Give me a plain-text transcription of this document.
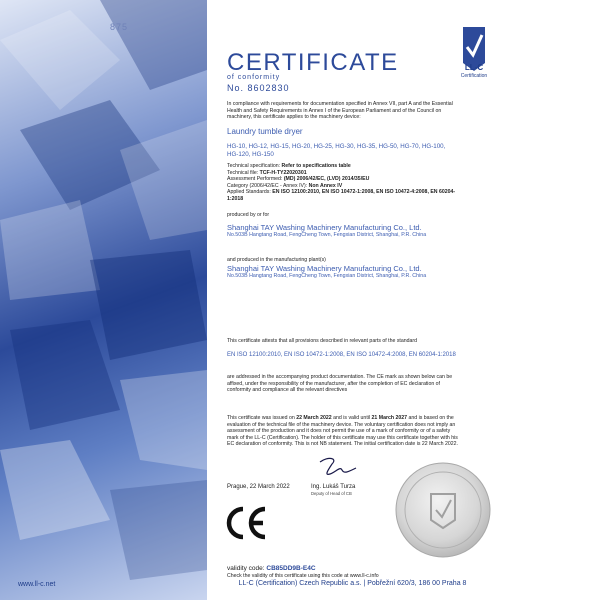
www.ll-c.net
875
LL-C
Certification
CERTIFICATE
of conformity
No. 8602830
In compliance with requirements for documentation specified in Annex VII, part A and the Essential Health and Safety Requirements in Annex I of the European Parliament and of the Council on machinery, this certificate applies to the machinery device:
Laundry tumble dryer
HG-10, HG-12, HG-15, HG-20, HG-25, HG-30, HG-35, HG-50, HG-70, HG-100, HG-120, HG-150
Technical specification: Refer to specifications table
Technical file: TCF-H-TY22020301
Assessment Performed: (MD) 2006/42/EC, (LVD) 2014/35/EU
Category (2006/42/EC - Annex IV): Non Annex IV
Applied Standards: EN ISO 12100:2010, EN ISO 10472-1:2008, EN ISO 10472-4:2008, EN 60204-1:2018
produced by or for
Shanghai TAY Washing Machinery Manufacturing Co., Ltd.
No.503B Hangtang Road, FengCheng Town, Fengxian District, Shanghai, P.R. China
and produced in the manufacturing plant(s)
Shanghai TAY Washing Machinery Manufacturing Co., Ltd.
No.503B Hangtang Road, FengCheng Town, Fengxian District, Shanghai, P.R. China
This certificate attests that all provisions described in relevant parts of the standard
EN ISO 12100:2010, EN ISO 10472-1:2008, EN ISO 10472-4:2008, EN 60204-1:2018
are addressed in the accompanying product documentation. The CE mark as shown below can be affixed, under the responsibility of the manufacturer, after the completion of EC declaration of conformity and compliance all the relevant directives
This certificate was issued on 22 March 2022 and is valid until 21 March 2027 and is based on the evaluation of the technical file of the machinery device. The voluntary certification does not imply an assessment of the production and it does not permit the use of a mark of conformity or of a safety mark of the LL-C (Certification). The holder of this certificate may use this certificate together with his EC declaration of conformity. This is not NB statement. The initial certification date is 22 March 2022.
Prague, 22 March 2022	Ing. Lukáš Turza
Deputy of Head of CB
validity code: CB85DD9B-E4C
Check the validity of this certificate using this code at www.ll-c.info
LL-C (Certification) Czech Republic a.s. | Pobřežní 620/3, 186 00 Praha 8
